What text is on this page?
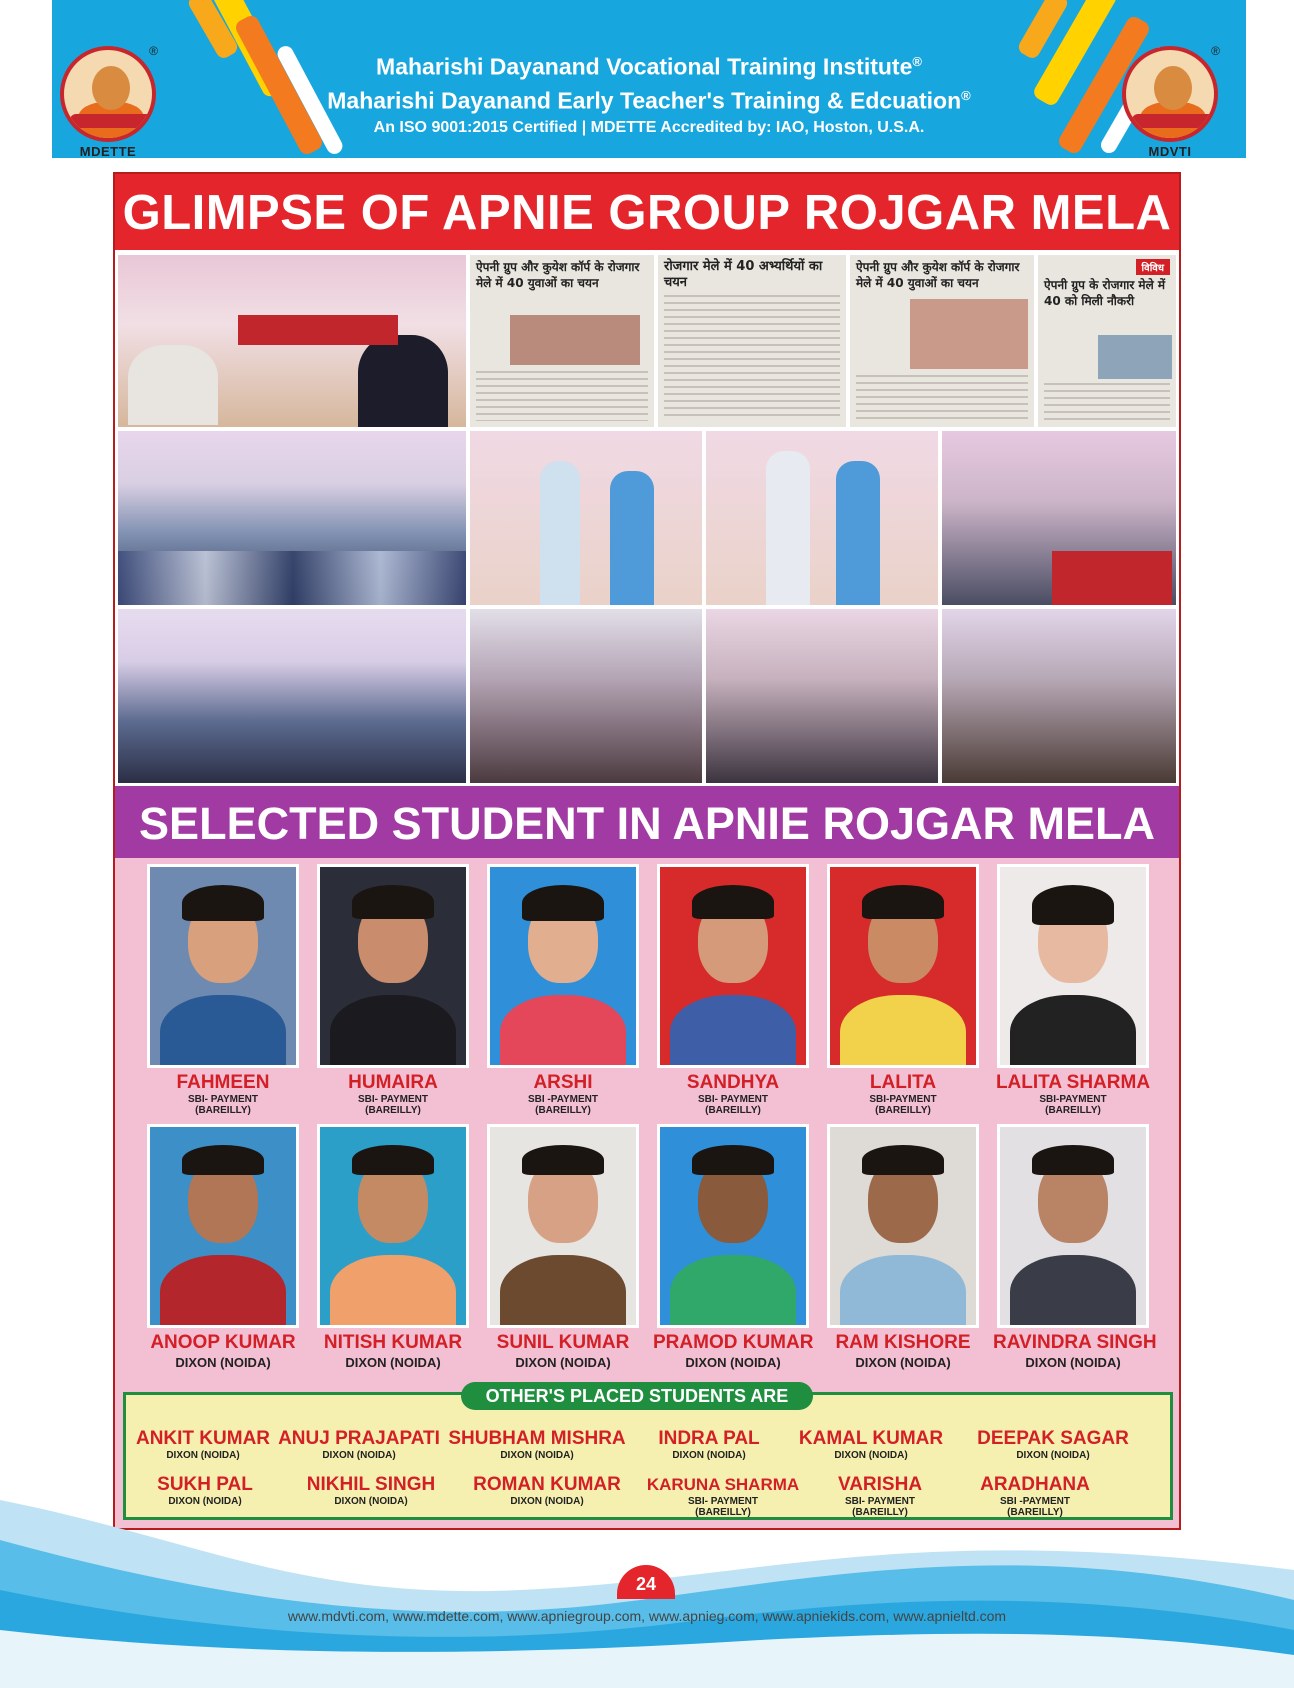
Maharishi Dayanand Vocational Training Institute®
Maharishi Dayanand Early Teacher's Training & Edcuation®
An ISO 9001:2015 Certified | MDETTE Accredited by: IAO, Hoston, U.S.A.
®
MDETTE
®
MDVTI
GLIMPSE OF APNIE GROUP ROJGAR MELA
ऐपनी ग्रुप और कुयेश कॉर्प के रोजगार मेले में 40 युवाओं का चयन
रोजगार मेले में 40 अभ्यर्थियों का चयन
ऐपनी ग्रुप और कुयेश कॉर्प के रोजगार मेले में 40 युवाओं का चयन
विविध
ऐपनी ग्रुप के रोजगार मेले में 40 को मिली नौकरी
SELECTED STUDENT IN APNIE ROJGAR MELA
FAHMEEN
SBI- PAYMENT
(BAREILLY)
HUMAIRA
SBI- PAYMENT
(BAREILLY)
ARSHI
SBI -PAYMENT
(BAREILLY)
SANDHYA
SBI- PAYMENT
(BAREILLY)
LALITA
SBI-PAYMENT
(BAREILLY)
LALITA SHARMA
SBI-PAYMENT
(BAREILLY)
ANOOP KUMAR
DIXON (NOIDA)
NITISH KUMAR
DIXON (NOIDA)
SUNIL KUMAR
DIXON (NOIDA)
PRAMOD KUMAR
DIXON (NOIDA)
RAM KISHORE
DIXON (NOIDA)
RAVINDRA SINGH
DIXON (NOIDA)
OTHER'S PLACED STUDENTS ARE
ANKIT KUMAR
DIXON (NOIDA)
ANUJ PRAJAPATI
DIXON (NOIDA)
SHUBHAM MISHRA
DIXON (NOIDA)
INDRA PAL
DIXON (NOIDA)
KAMAL KUMAR
DIXON (NOIDA)
DEEPAK SAGAR
DIXON (NOIDA)
SUKH PAL
DIXON (NOIDA)
NIKHIL SINGH
DIXON (NOIDA)
ROMAN KUMAR
DIXON (NOIDA)
KARUNA SHARMA
SBI- PAYMENT
(BAREILLY)
VARISHA
SBI- PAYMENT
(BAREILLY)
ARADHANA
SBI -PAYMENT
(BAREILLY)
24
www.mdvti.com, www.mdette.com, www.apniegroup.com, www.apnieg.com, www.apniekids.com, www.apnieltd.com
